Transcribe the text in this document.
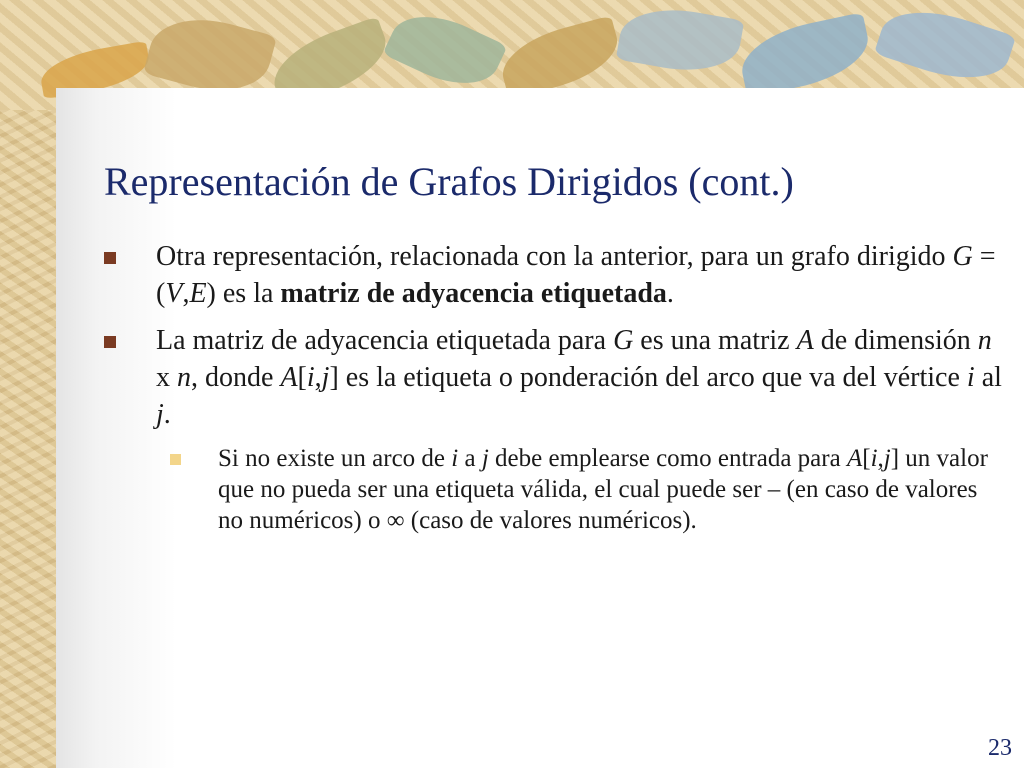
Representación de Grafos Dirigidos (cont.)
Otra representación, relacionada con la anterior, para un grafo dirigido G = (V,E) es la matriz de adyacencia etiquetada.
La matriz de adyacencia etiquetada para G es una matriz A de dimensión n x n, donde A[i,j] es la etiqueta o ponderación del arco que va del vértice i al j.
Si no existe un arco de i a j debe emplearse como entrada para A[i,j] un valor que no pueda ser una etiqueta válida, el cual puede ser – (en caso de valores no numéricos) o ∞ (caso de valores numéricos).
23
